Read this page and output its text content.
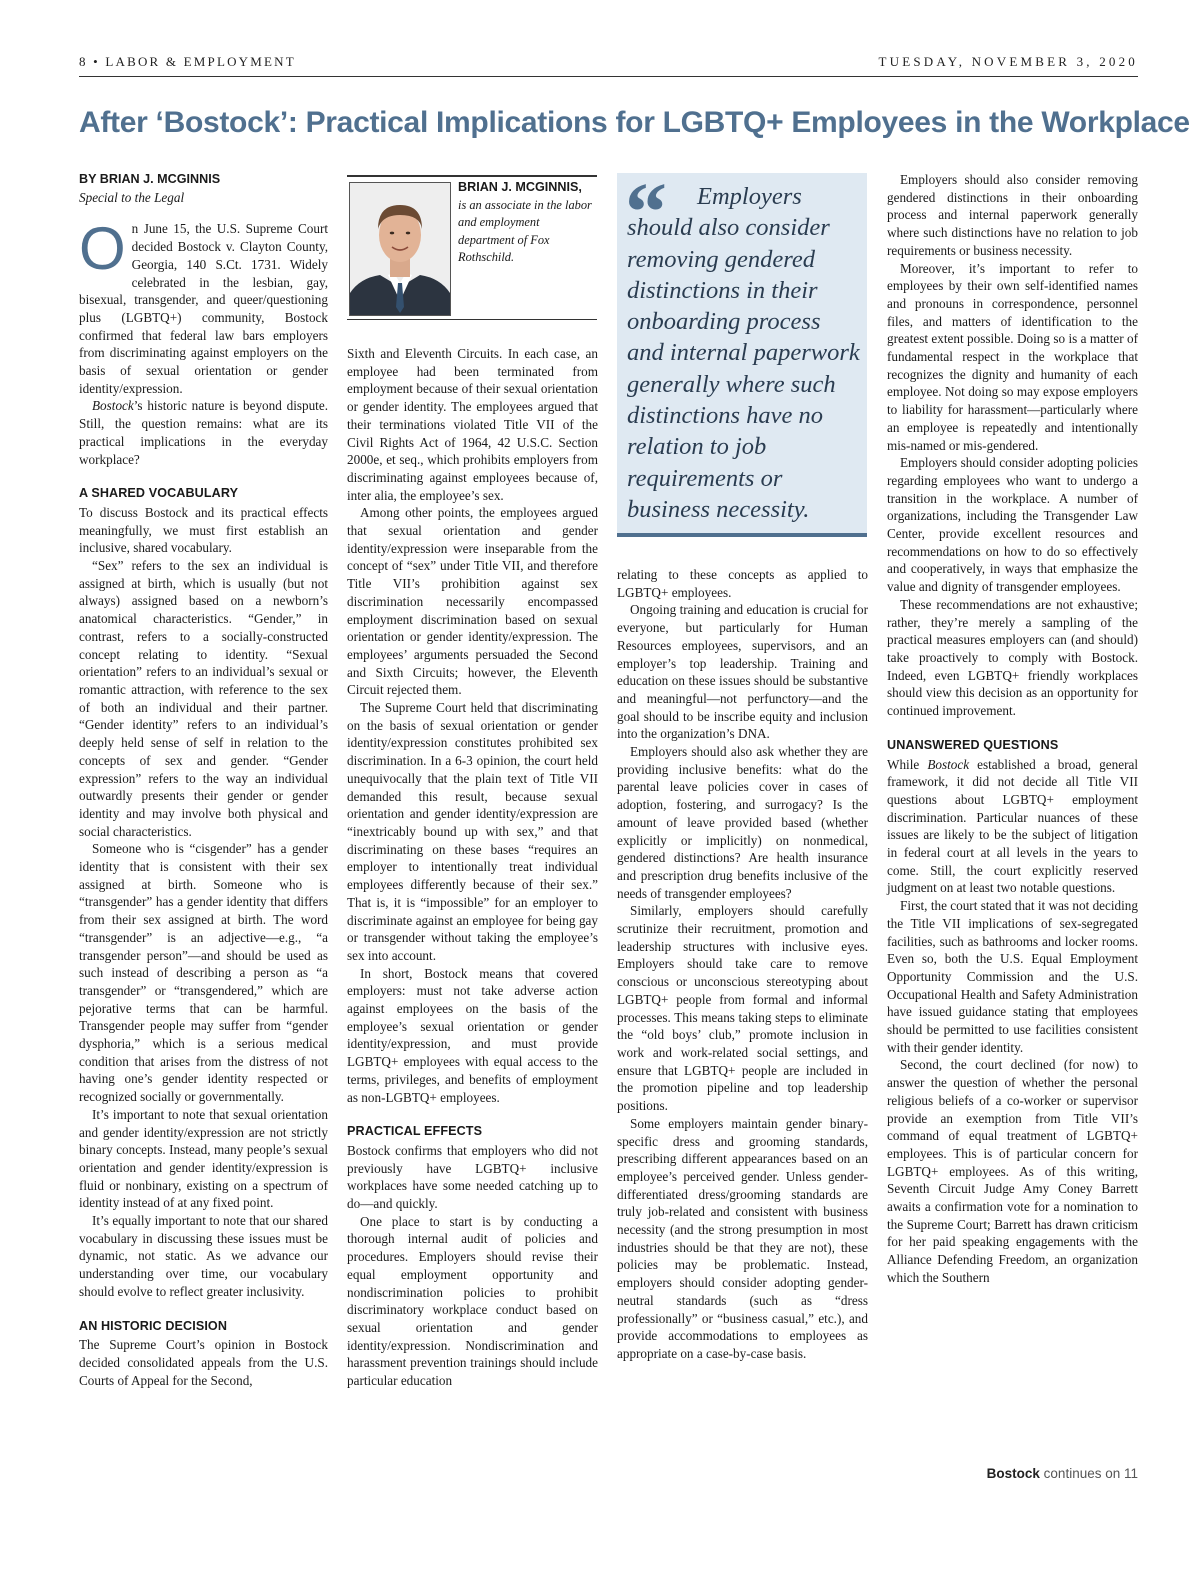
8 • LABOR & EMPLOYMENT	TUESDAY, NOVEMBER 3, 2020
After ‘Bostock’: Practical Implications for LGBTQ+ Employees in the Workplace
BY BRIAN J. MCGINNIS
Special to the Legal

On June 15, the U.S. Supreme Court decided Bostock v. Clayton County, Georgia, 140 S.Ct. 1731. Widely celebrated in the lesbian, gay, bisexual, transgender, and queer/questioning plus (LGBTQ+) community, Bostock confirmed that federal law bars employers from discriminating against employers on the basis of sexual orientation or gender identity/expression.

Bostock’s historic nature is beyond dispute. Still, the question remains: what are its practical implications in the everyday workplace?

A SHARED VOCABULARY

To discuss Bostock and its practical effects meaningfully, we must first establish an inclusive, shared vocabulary.

“Sex” refers to the sex an individual is assigned at birth, which is usually (but not always) assigned based on a newborn’s anatomical characteristics. “Gender,” in contrast, refers to a socially-constructed concept relating to identity. “Sexual orientation” refers to an individual’s sexual or romantic attraction, with reference to the sex of both an individual and their partner. “Gender identity” refers to an individual’s deeply held sense of self in relation to the concepts of sex and gender. “Gender expression” refers to the way an individual outwardly presents their gender or gender identity and may involve both physical and social characteristics.

Someone who is “cisgender” has a gender identity that is consistent with their sex assigned at birth. Someone who is “transgender” has a gender identity that differs from their sex assigned at birth. The word “transgender” is an adjective—e.g., “a transgender person”—and should be used as such instead of describing a person as “a transgender” or “transgendered,” which are pejorative terms that can be harmful. Transgender people may suffer from “gender dysphoria,” which is a serious medical condition that arises from the distress of not having one’s gender identity respected or recognized socially or governmentally.

It’s important to note that sexual orientation and gender identity/expression are not strictly binary concepts. Instead, many people’s sexual orientation and gender identity/expression is fluid or nonbinary, existing on a spectrum of identity instead of at any fixed point.

It’s equally important to note that our shared vocabulary in discussing these issues must be dynamic, not static. As we advance our understanding over time, our vocabulary should evolve to reflect greater inclusivity.

AN HISTORIC DECISION

The Supreme Court’s opinion in Bostock decided consolidated appeals from the U.S. Courts of Appeal for the Second,

BRIAN J. MCGINNIS,
is an associate in the labor and employment department of Fox Rothschild.

Sixth and Eleventh Circuits. In each case, an employee had been terminated from employment because of their sexual orientation or gender identity. The employees argued that their terminations violated Title VII of the Civil Rights Act of 1964, 42 U.S.C. Section 2000e, et seq., which prohibits employers from discriminating against employees because of, inter alia, the employee’s sex.

Among other points, the employees argued that sexual orientation and gender identity/expression were inseparable from the concept of “sex” under Title VII, and therefore Title VII’s prohibition against sex discrimination necessarily encompassed employment discrimination based on sexual orientation or gender identity/expression. The employees’ arguments persuaded the Second and Sixth Circuits; however, the Eleventh Circuit rejected them.

The Supreme Court held that discriminating on the basis of sexual orientation or gender identity/expression constitutes prohibited sex discrimination. In a 6-3 opinion, the court held unequivocally that the plain text of Title VII demanded this result, because sexual orientation and gender identity/expression are “inextricably bound up with sex,” and that discriminating on these bases “requires an employer to intentionally treat individual employees differently because of their sex.” That is, it is “impossible” for an employer to discriminate against an employee for being gay or transgender without taking the employee’s sex into account.

In short, Bostock means that covered employers: must not take adverse action against employees on the basis of the employee’s sexual orientation or gender identity/expression, and must provide LGBTQ+ employees with equal access to the terms, privileges, and benefits of employment as non-LGBTQ+ employees.

PRACTICAL EFFECTS

Bostock confirms that employers who did not previously have LGBTQ+ inclusive workplaces have some needed catching up to do—and quickly.

One place to start is by conducting a thorough internal audit of policies and procedures. Employers should revise their equal employment opportunity and nondiscrimination policies to prohibit discriminatory workplace conduct based on sexual orientation and gender identity/expression. Nondiscrimination and harassment prevention trainings should include particular education

“	Employers should also consider removing gendered distinctions in their onboarding process and internal paperwork generally where such distinctions have no relation to job requirements or business necessity.

relating to these concepts as applied to LGBTQ+ employees.

Ongoing training and education is crucial for everyone, but particularly for Human Resources employees, supervisors, and an employer’s top leadership. Training and education on these issues should be substantive and meaningful—not perfunctory—and the goal should to be inscribe equity and inclusion into the organization’s DNA.

Employers should also ask whether they are providing inclusive benefits: what do the parental leave policies cover in cases of adoption, fostering, and surrogacy? Is the amount of leave provided based (whether explicitly or implicitly) on nonmedical, gendered distinctions? Are health insurance and prescription drug benefits inclusive of the needs of transgender employees?

Similarly, employers should carefully scrutinize their recruitment, promotion and leadership structures with inclusive eyes. Employers should take care to remove conscious or unconscious stereotyping about LGBTQ+ people from formal and informal processes. This means taking steps to eliminate the “old boys’ club,” promote inclusion in work and work-related social settings, and ensure that LGBTQ+ people are included in the promotion pipeline and top leadership positions.

Some employers maintain gender binary-specific dress and grooming standards, prescribing different appearances based on an employee’s perceived gender. Unless gender-differentiated dress/grooming standards are truly job-related and consistent with business necessity (and the strong presumption in most industries should be that they are not), these policies may be problematic. Instead, employers should consider adopting gender-neutral standards (such as “dress professionally” or “business casual,” etc.), and provide accommodations to employees as appropriate on a case-by-case basis.

Employers should also consider removing gendered distinctions in their onboarding process and internal paperwork generally where such distinctions have no relation to job requirements or business necessity.

Moreover, it’s important to refer to employees by their own self-identified names and pronouns in correspondence, personnel files, and matters of identification to the greatest extent possible. Doing so is a matter of fundamental respect in the workplace that recognizes the dignity and humanity of each employee. Not doing so may expose employers to liability for harassment—particularly where an employee is repeatedly and intentionally mis-named or mis-gendered.

Employers should consider adopting policies regarding employees who want to undergo a transition in the workplace. A number of organizations, including the Transgender Law Center, provide excellent resources and recommendations on how to do so effectively and cooperatively, in ways that emphasize the value and dignity of transgender employees.

These recommendations are not exhaustive; rather, they’re merely a sampling of the practical measures employers can (and should) take proactively to comply with Bostock. Indeed, even LGBTQ+ friendly workplaces should view this decision as an opportunity for continued improvement.

UNANSWERED QUESTIONS

While Bostock established a broad, general framework, it did not decide all Title VII questions about LGBTQ+ employment discrimination. Particular nuances of these issues are likely to be the subject of litigation in federal court at all levels in the years to come. Still, the court explicitly reserved judgment on at least two notable questions.

First, the court stated that it was not deciding the Title VII implications of sex-segregated facilities, such as bathrooms and locker rooms. Even so, both the U.S. Equal Employment Opportunity Commission and the U.S. Occupational Health and Safety Administration have issued guidance stating that employees should be permitted to use facilities consistent with their gender identity.

Second, the court declined (for now) to answer the question of whether the personal religious beliefs of a co-worker or supervisor provide an exemption from Title VII’s command of equal treatment of LGBTQ+ employees. This is of particular concern for LGBTQ+ employees. As of this writing, Seventh Circuit Judge Amy Coney Barrett awaits a confirmation vote for a nomination to the Supreme Court; Barrett has drawn criticism for her paid speaking engagements with the Alliance Defending Freedom, an organization which the Southern

Bostock continues on 11
